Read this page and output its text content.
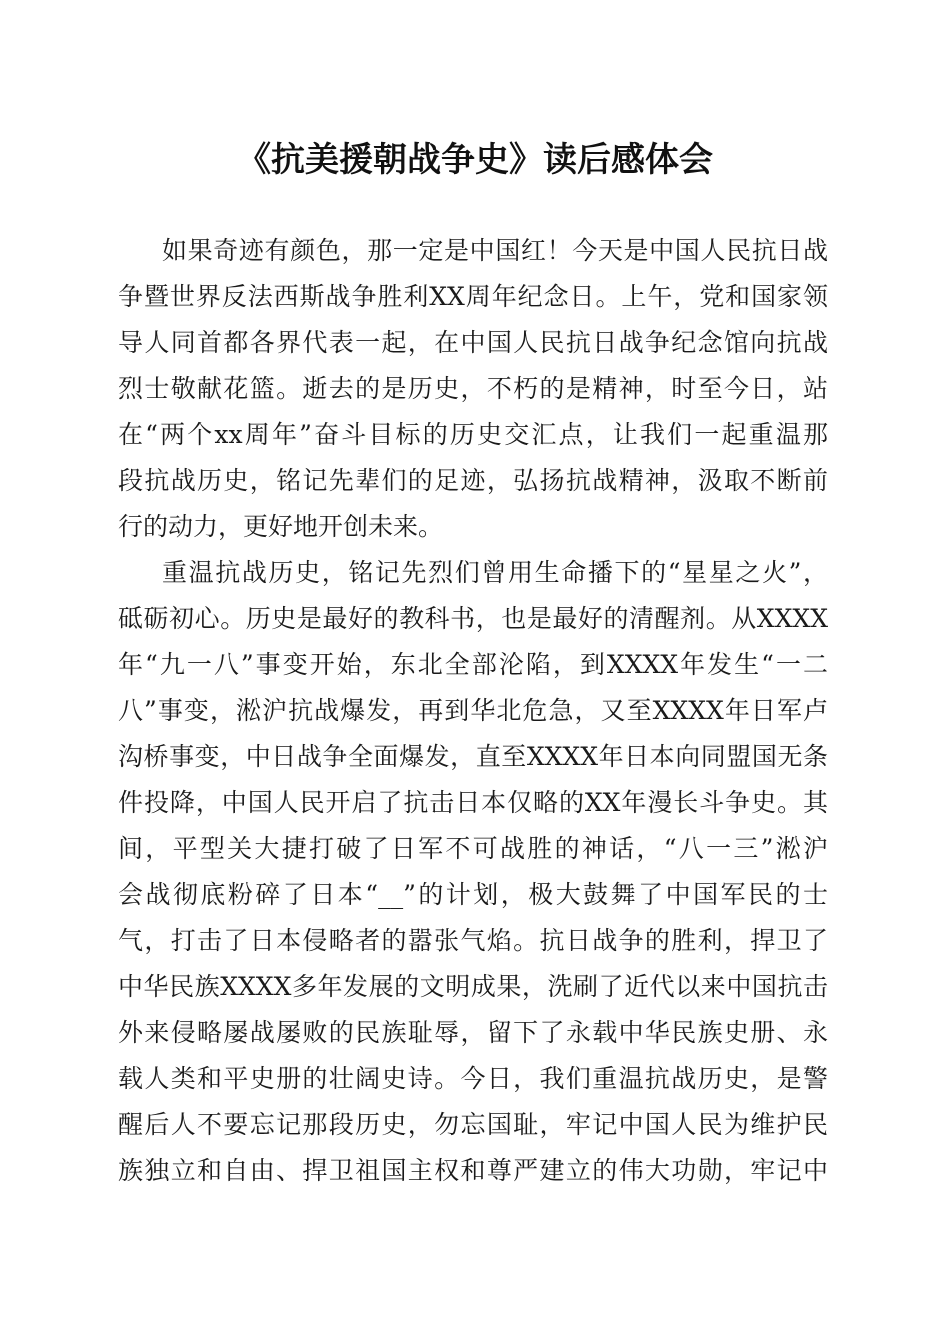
《抗美援朝战争史》读后感体会

如果奇迹有颜色，那一定是中国红！今天是中国人民抗日战
争暨世界反法西斯战争胜利XX周年纪念日。上午，党和国家领
导人同首都各界代表一起，在中国人民抗日战争纪念馆向抗战
烈士敬献花篮。逝去的是历史，不朽的是精神，时至今日，站
在“两个xx周年”奋斗目标的历史交汇点，让我们一起重温那
段抗战历史，铭记先辈们的足迹，弘扬抗战精神，汲取不断前
行的动力，更好地开创未来。

重温抗战历史，铭记先烈们曾用生命播下的“星星之火”，
砥砺初心。历史是最好的教科书，也是最好的清醒剂。从XXXX
年“九一八”事变开始，东北全部沦陷，到XXXX年发生“一二
八”事变，淞沪抗战爆发，再到华北危急，又至XXXX年日军卢
沟桥事变，中日战争全面爆发，直至XXXX年日本向同盟国无条
件投降，中国人民开启了抗击日本仅略的XX年漫长斗争史。其
间，平型关大捷打破了日军不可战胜的神话，“八一三”淞沪
会战彻底粉碎了日本“__”的计划，极大鼓舞了中国军民的士
气，打击了日本侵略者的嚣张气焰。抗日战争的胜利，捍卫了
中华民族XXXX多年发展的文明成果，洗刷了近代以来中国抗击
外来侵略屡战屡败的民族耻辱，留下了永载中华民族史册、永
载人类和平史册的壮阔史诗。今日，我们重温抗战历史，是警
醒后人不要忘记那段历史，勿忘国耻，牢记中国人民为维护民
族独立和自由、捍卫祖国主权和尊严建立的伟大功勋，牢记中
